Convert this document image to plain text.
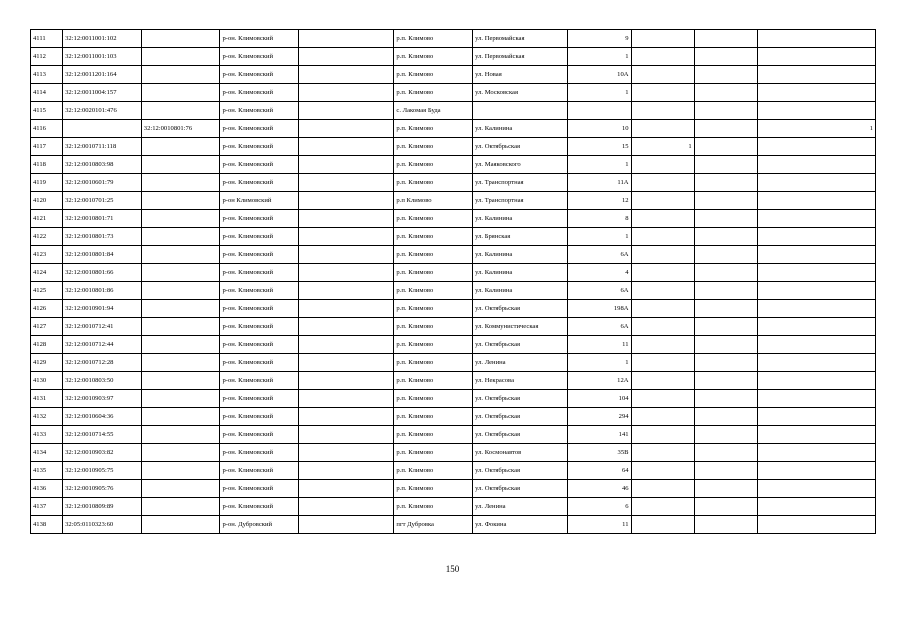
4111	32:12:0011001:102		р-он. Климовский		р.п. Климово	ул. Первомайская	9			
4112	32:12:0011001:103		р-он. Климовский		р.п. Климово	ул. Первомайская	1			
4113	32:12:0011201:164		р-он. Климовский		р.п. Климово	ул. Новая	10А			
4114	32:12:0011004:157		р-он. Климовский		р.п. Климово	ул. Московская	1			
4115	32:12:0020101:476		р-он. Климовский		с. Лакомая Буда					
4116		32:12:0010801:76	р-он. Климовский		р.п. Климово	ул. Калинина	10			1
4117	32:12:0010711:118		р-он. Климовский		р.п. Климово	ул. Октябрьская	15	1		
4118	32:12:0010803:98		р-он. Климовский		р.п. Климово	ул. Маяковского	1			
4119	32:12:0010601:79		р-он. Климовский		р.п. Климово	ул. Транспортная	11А			
4120	32:12:0010701:25		р-он Климовский		р.п Климово	ул. Транспортная	12			
4121	32:12:0010801:71		р-он. Климовский		р.п. Климово	ул. Калинина	8			
4122	32:12:0010801:73		р-он. Климовский		р.п. Климово	ул. Брянская	1			
4123	32:12:0010801:84		р-он. Климовский		р.п. Климово	ул. Калинина	6А			
4124	32:12:0010801:66		р-он. Климовский		р.п. Климово	ул. Калинина	4			
4125	32:12:0010801:86		р-он. Климовский		р.п. Климово	ул. Калинина	6А			
4126	32:12:0010901:94		р-он. Климовский		р.п. Климово	ул. Октябрьская	198А			
4127	32:12:0010712:41		р-он. Климовский		р.п. Климово	ул. Коммунистическая	6А			
4128	32:12:0010712:44		р-он. Климовский		р.п. Климово	ул. Октябрьская	11			
4129	32:12:0010712:28		р-он. Климовский		р.п. Климово	ул. Ленина	1			
4130	32:12:0010803:50		р-он. Климовский		р.п. Климово	ул. Некрасова	12А			
4131	32:12:0010903:97		р-он. Климовский		р.п. Климово	ул. Октябрьская	104			
4132	32:12:0010604:36		р-он. Климовский		р.п. Климово	ул. Октябрьская	294			
4133	32:12:0010714:55		р-он. Климовский		р.п. Климово	ул. Октябрьская	141			
4134	32:12:0010903:82		р-он. Климовский		р.п. Климово	ул. Космонавтов	35В			
4135	32:12:0010905:75		р-он. Климовский		р.п. Климово	ул. Октябрьская	64			
4136	32:12:0010905:76		р-он. Климовский		р.п. Климово	ул. Октябрьская	46			
4137	32:12:0010809:89		р-он. Климовский		р.п. Климово	ул. Ленина	6			
4138	32:05:0110323:60		р-он. Дубровский		пгт Дубровка	ул. Фокина	11			
150
